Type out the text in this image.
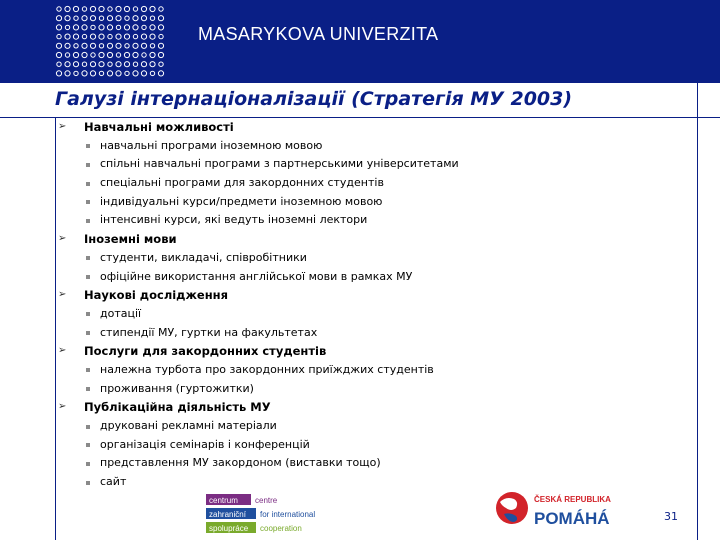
MASARYKOVA UNIVERZITA
Галузі інтернаціоналізації (Стратегія МУ 2003)
➢ Навчальні можливості
навчальні програми іноземною мовою
спільні навчальні програми з партнерськими університетами
спеціальні програми для закордонних студентів
індивідуальні курси/предмети іноземною мовою
інтенсивні курси, які ведуть іноземні лектори
➢ Іноземні мови
студенти, викладачі, співробітники
офіційне використання англійської мови в рамках МУ
➢ Наукові дослідження
дотації
стипендії МУ, гуртки на факультетах
➢ Послуги для закордонних студентів
належна турбота про закордонних приїжджих студентів
проживання (гуртожитки)
➢ Публікаційна діяльність МУ
друковані рекламні матеріали
організація семінарів і конференцій
представлення МУ закордоном (виставки тощо)
сайт
centrum
zahraniční
spolupráce
centre
for international
cooperation
ČESKÁ REPUBLIKA
POMÁHÁ	31
